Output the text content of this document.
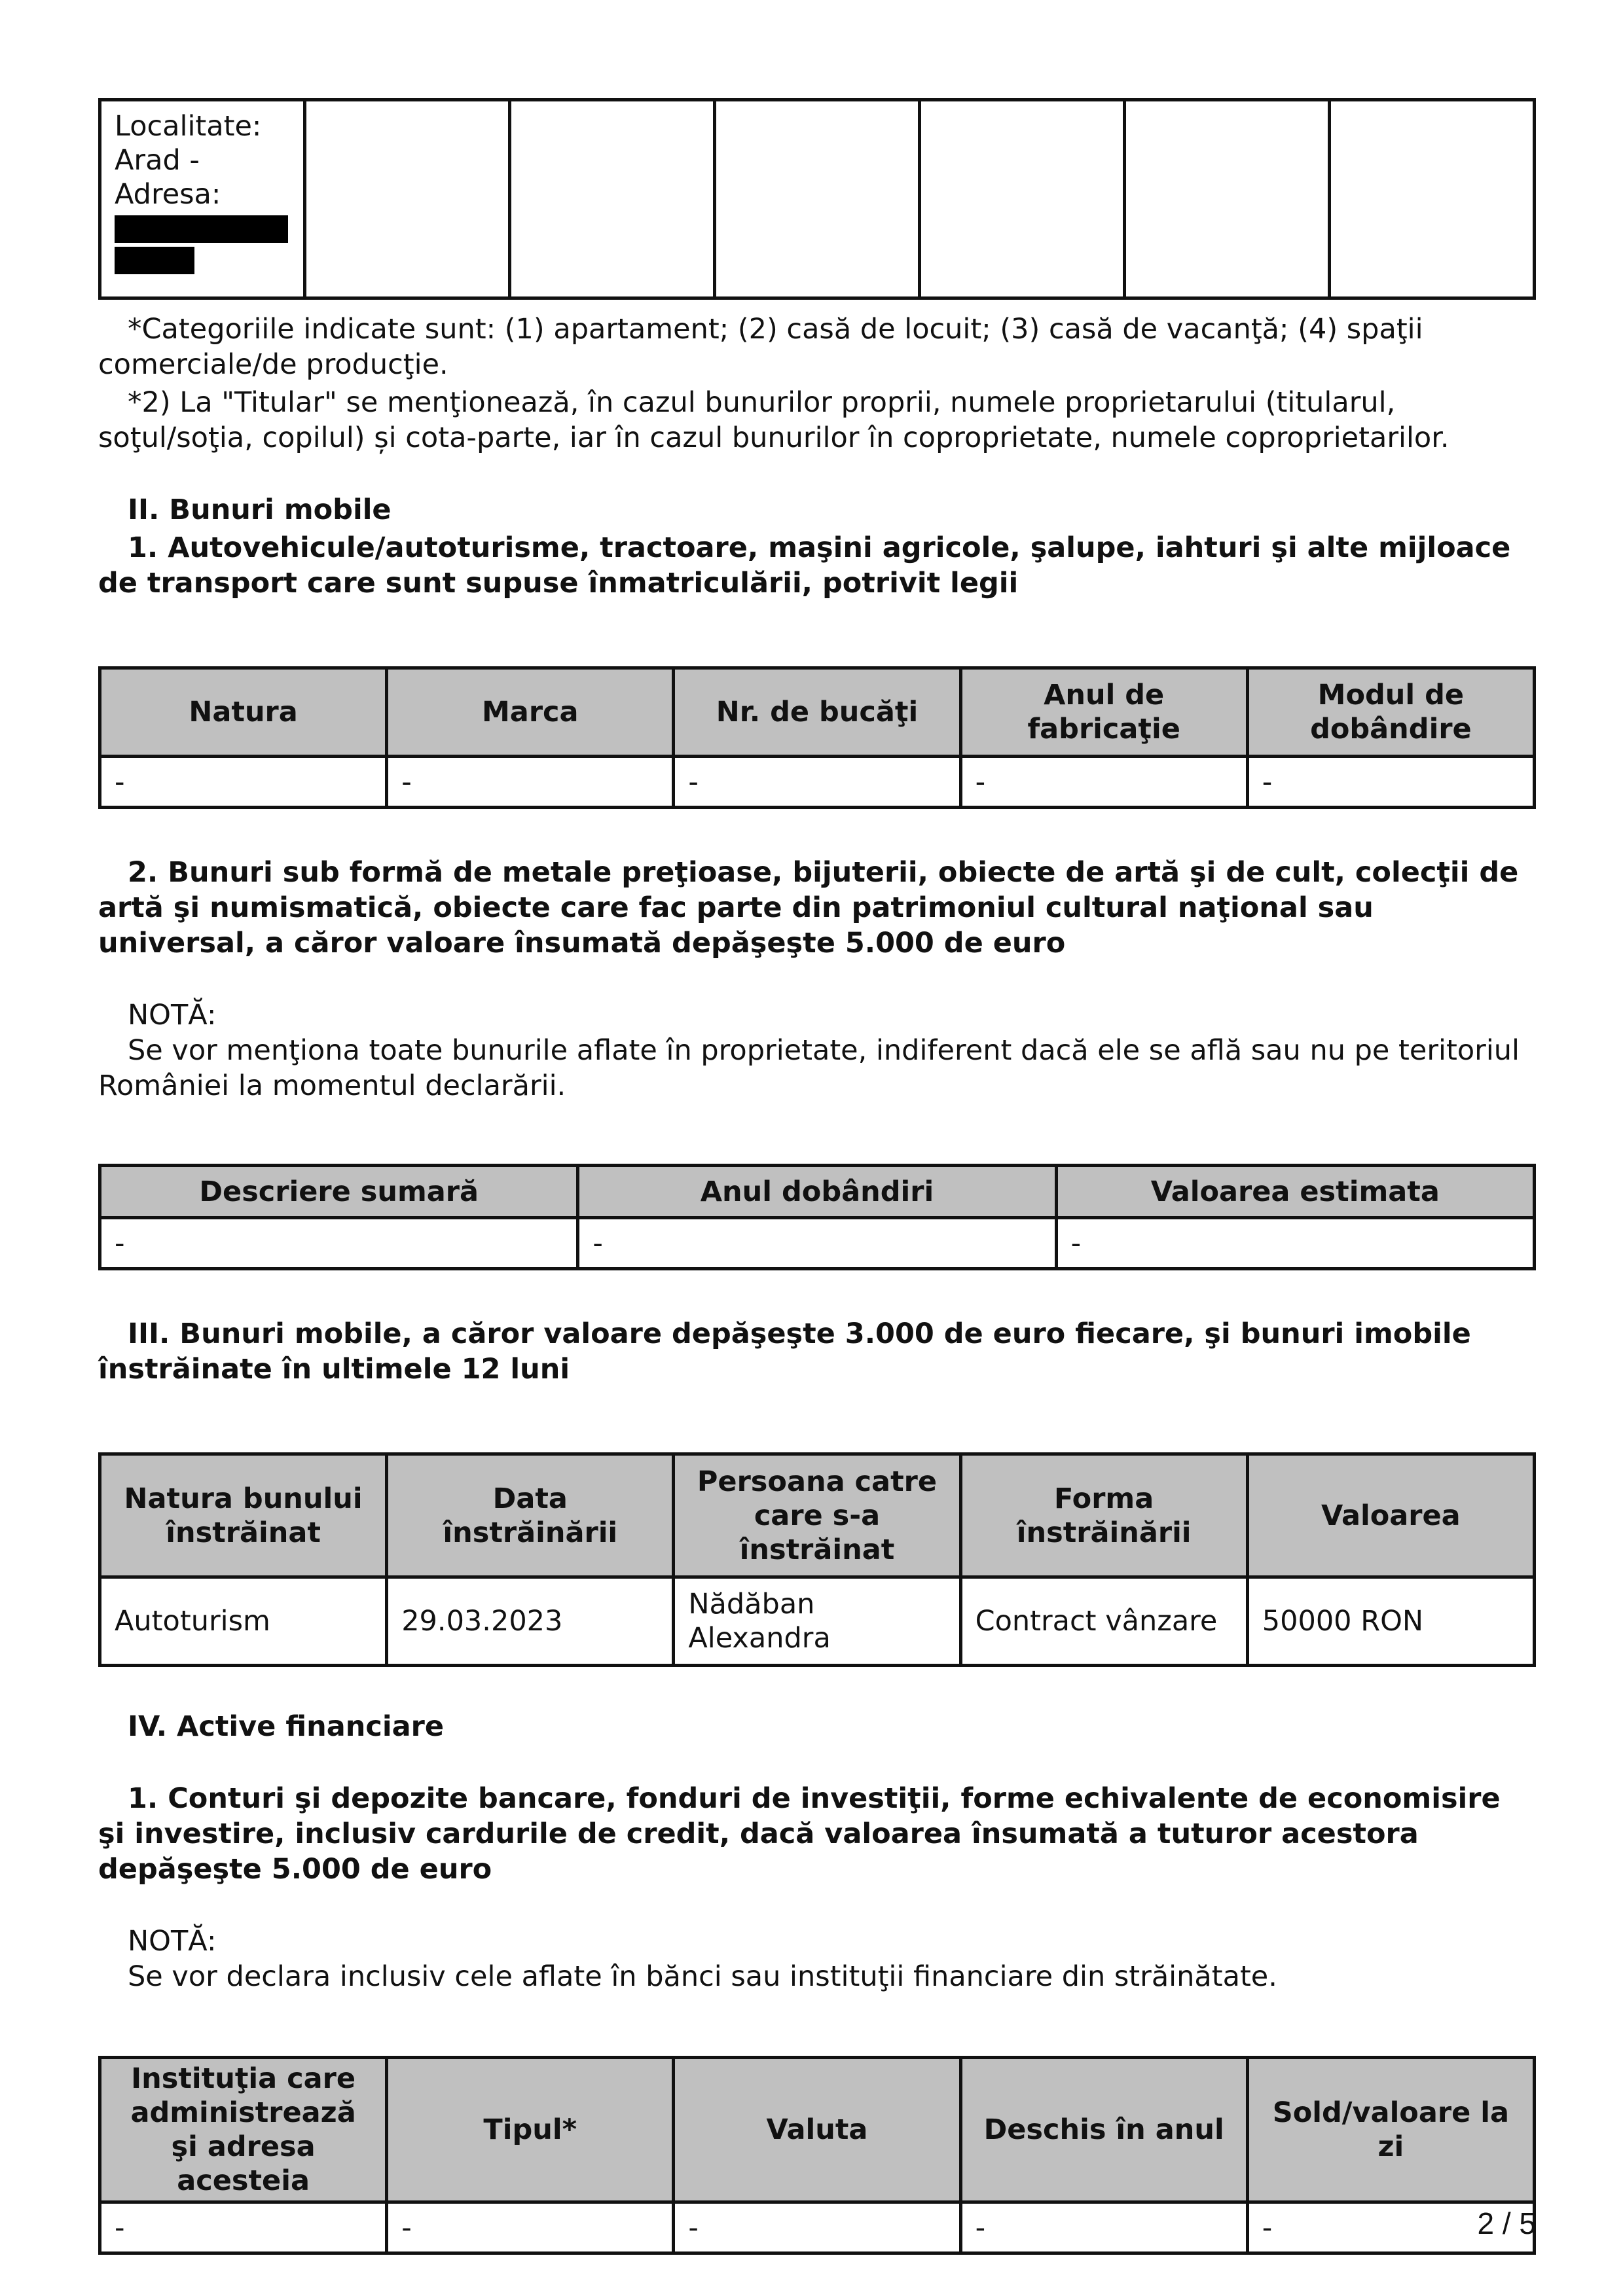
Localitate:
Arad -
Adresa:

*Categoriile indicate sunt: (1) apartament; (2) casă de locuit; (3) casă de vacanţă; (4) spaţii comerciale/de producţie.

*2) La "Titular" se menţionează, în cazul bunurilor proprii, numele proprietarului (titularul, soţul/soţia, copilul) și cota-parte, iar în cazul bunurilor în coproprietate, numele coproprietarilor.

II. Bunuri mobile

1. Autovehicule/autoturisme, tractoare, maşini agricole, şalupe, iahturi şi alte mijloace de transport care sunt supuse înmatriculării, potrivit legii

Natura	Marca	Nr. de bucăţi	Anul de fabricaţie	Modul de dobândire
-	-	-	-	-

2. Bunuri sub formă de metale preţioase, bijuterii, obiecte de artă şi de cult, colecţii de artă şi numismatică, obiecte care fac parte din patrimoniul cultural naţional sau universal, a căror valoare însumată depăşeşte 5.000 de euro

NOTĂ:

Se vor menţiona toate bunurile aflate în proprietate, indiferent dacă ele se află sau nu pe teritoriul României la momentul declarării.

Descriere sumară	Anul dobândiri	Valoarea estimata
-	-	-

III. Bunuri mobile, a căror valoare depăşeşte 3.000 de euro fiecare, şi bunuri imobile înstrăinate în ultimele 12 luni

Natura bunului înstrăinat	Data înstrăinării	Persoana catre care s-a înstrăinat	Forma înstrăinării	Valoarea
Autoturism	29.03.2023	Nădăban Alexandra	Contract vânzare	50000 RON

IV. Active financiare

1. Conturi şi depozite bancare, fonduri de investiţii, forme echivalente de economisire şi investire, inclusiv cardurile de credit, dacă valoarea însumată a tuturor acestora depăşeşte 5.000 de euro

NOTĂ:

Se vor declara inclusiv cele aflate în bănci sau instituţii financiare din străinătate.

Instituţia care administrează şi adresa acesteia	Tipul*	Valuta	Deschis în anul	Sold/valoare la zi
-	-	-	-	-	2 / 5
